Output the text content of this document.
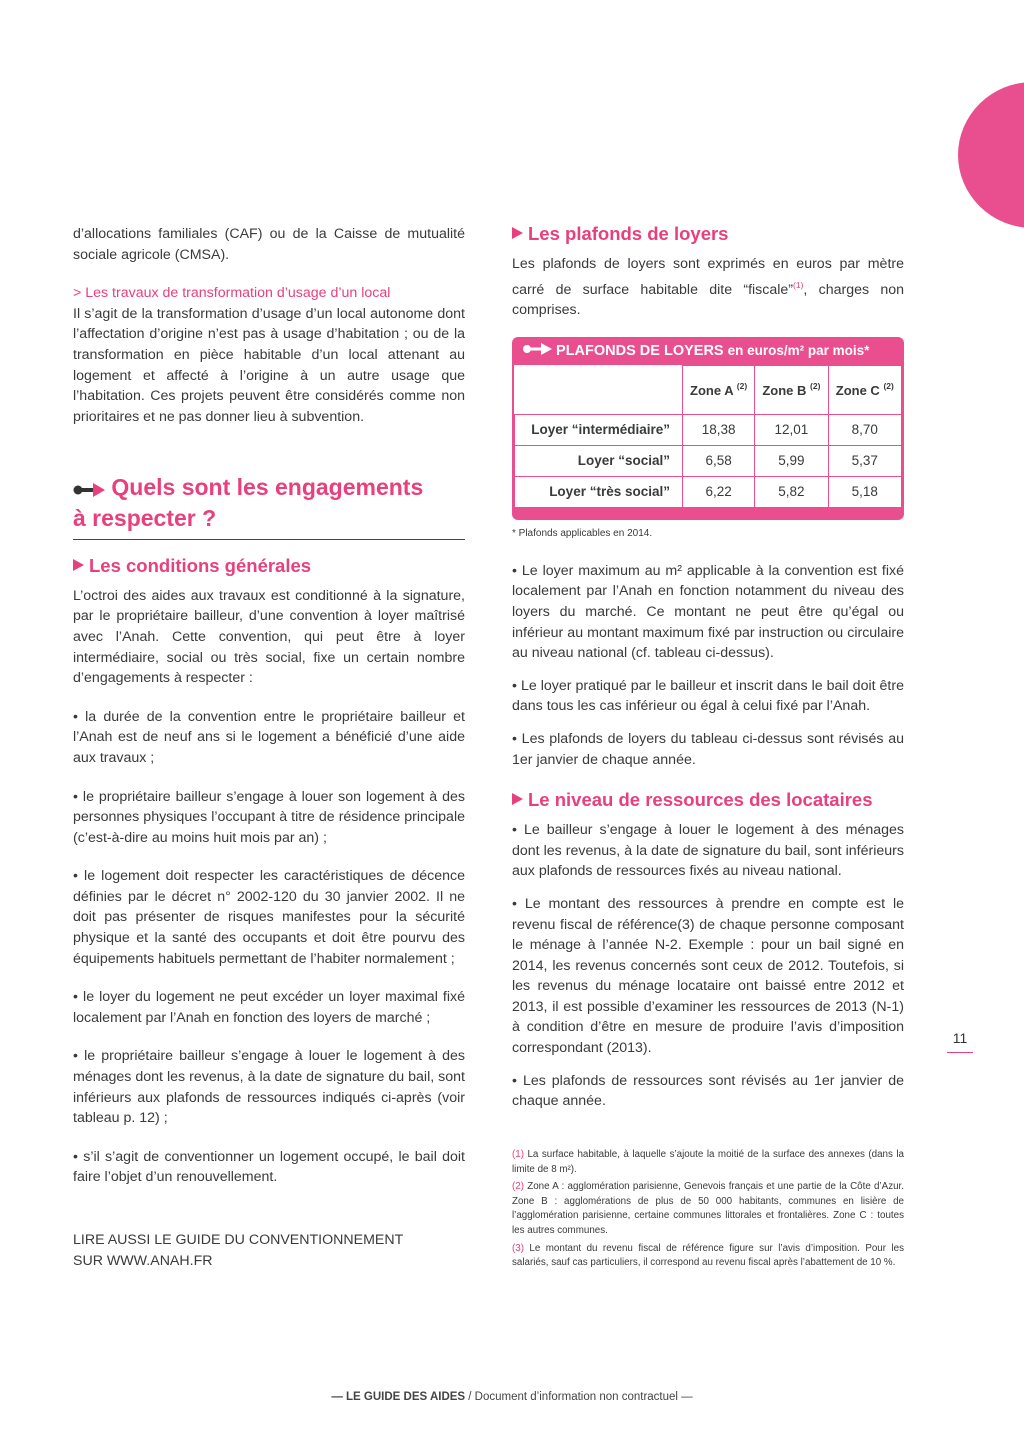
d’allocations familiales (CAF) ou de la Caisse de mutualité sociale agricole (CMSA).

> Les travaux de transformation d’usage d’un local

Il s’agit de la transformation d’usage d’un local autonome dont l’affectation d’origine n’est pas à usage d’habitation ; ou de la transformation en pièce habitable d’un local attenant au logement et affecté à l’origine à un autre usage que l’habitation. Ces projets peuvent être considérés comme non prioritaires et ne pas donner lieu à subvention.

Quels sont les engagements
à respecter ?
Les conditions générales

L’octroi des aides aux travaux est conditionné à la signature, par le propriétaire bailleur, d’une convention à loyer maîtrisé avec l’Anah. Cette convention, qui peut être à loyer intermédiaire, social ou très social, fixe un certain nombre d’engagements à respecter :

• la durée de la convention entre le propriétaire bailleur et l’Anah est de neuf ans si le logement a bénéficié d’une aide aux travaux ;

• le propriétaire bailleur s’engage à louer son logement à des personnes physiques l’occupant à titre de résidence principale (c’est-à-dire au moins huit mois par an) ;

• le logement doit respecter les caractéristiques de décence définies par le décret n° 2002-120 du 30 janvier 2002. Il ne doit pas présenter de risques manifestes pour la sécurité physique et la santé des occupants et doit être pourvu des équipements habituels permettant de l’habiter normalement ;

• le loyer du logement ne peut excéder un loyer maximal fixé localement par l’Anah en fonction des loyers de marché ;

• le propriétaire bailleur s’engage à louer le logement à des ménages dont les revenus, à la date de signature du bail, sont inférieurs aux plafonds de ressources indiqués ci-après (voir tableau p. 12) ;

• s’il s’agit de conventionner un logement occupé, le bail doit faire l’objet d’un renouvellement.

LIRE AUSSI LE GUIDE DU CONVENTIONNEMENT

SUR WWW.ANAH.FR

Les plafonds de loyers

Les plafonds de loyers sont exprimés en euros par mètre carré de surface habitable dite “fiscale”$^{(1)}$, charges non comprises.

PLAFONDS DE LOYERS en euros/m² par mois*
	Zone A $^{(2)}$	Zone B $^{(2)}$	Zone C $^{(2)}$
Loyer “intermédiaire”	18,38	12,01	8,70
Loyer “social”	6,58	5,99	5,37
Loyer “très social”	6,22	5,82	5,18
* Plafonds applicables en 2014.

• Le loyer maximum au m² applicable à la convention est fixé localement par l’Anah en fonction notamment du niveau des loyers du marché. Ce montant ne peut être qu’égal ou inférieur au montant maximum fixé par instruction ou circulaire au niveau national (cf. tableau ci-dessus).

• Le loyer pratiqué par le bailleur et inscrit dans le bail doit être dans tous les cas inférieur ou égal à celui fixé par l’Anah.

• Les plafonds de loyers du tableau ci-dessus sont révisés au 1er janvier de chaque année.

Le niveau de ressources des locataires

• Le bailleur s’engage à louer le logement à des ménages dont les revenus, à la date de signature du bail, sont inférieurs aux plafonds de ressources fixés au niveau national.

• Le montant des ressources à prendre en compte est le revenu fiscal de référence(3) de chaque personne composant le ménage à l’année N-2. Exemple : pour un bail signé en 2014, les revenus concernés sont ceux de 2012. Toutefois, si les revenus du ménage locataire ont baissé entre 2012 et 2013, il est possible d’examiner les ressources de 2013 (N-1) à condition d’être en mesure de produire l’avis d’imposition correspondant (2013).

• Les plafonds de ressources sont révisés au 1er janvier de chaque année.

(1) La surface habitable, à laquelle s’ajoute la moitié de la surface des annexes (dans la limite de 8 m²).

(2) Zone A : agglomération parisienne, Genevois français et une partie de la Côte d’Azur. Zone B : agglomérations de plus de 50 000 habitants, communes en lisière de l’agglomération parisienne, certaine communes littorales et frontalières. Zone C : toutes les autres communes.

(3) Le montant du revenu fiscal de référence figure sur l’avis d’imposition. Pour les salariés, sauf cas particuliers, il correspond au revenu fiscal après l’abattement de 10 %.

11
— LE GUIDE DES AIDES / Document d’information non contractuel —
